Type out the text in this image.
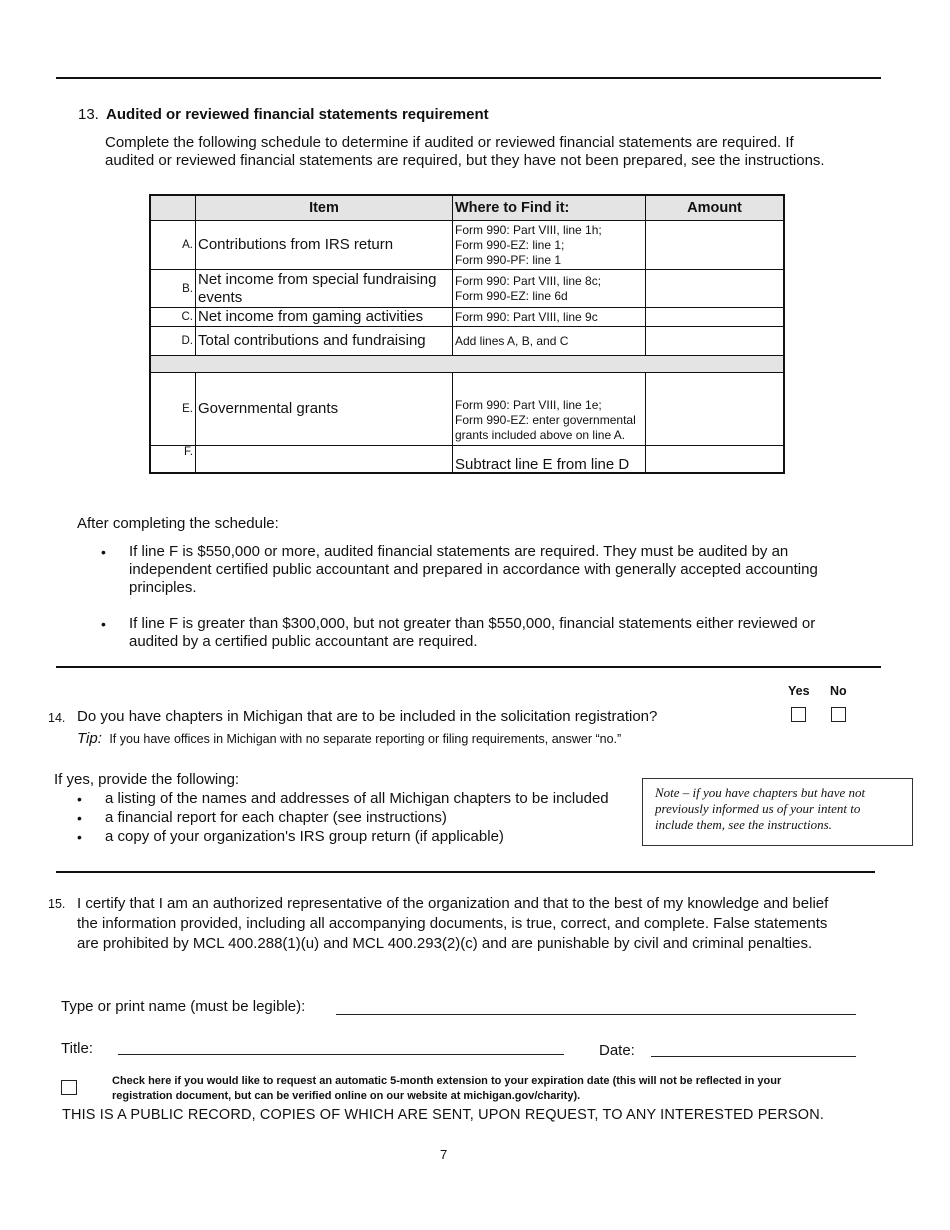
13. Audited or reviewed financial statements requirement
Complete the following schedule to determine if audited or reviewed financial statements are required. If
audited or reviewed financial statements are required, but they have not been prepared, see the instructions.
	Item	Where to Find it:	Amount
A.	Contributions from IRS return	Form 990: Part VIII, line 1h;
Form 990-EZ: line 1;
Form 990-PF: line 1	

B.	Net income from special fundraising events	Form 990: Part VIII, line 8c;
Form 990-EZ: line 6d	

C.	Net income from gaming activities	Form 990: Part VIII, line 9c	

D.	Total contributions and fundraising	Add lines A, B, and C	

E.	Governmental grants	Form 990: Part VIII, line 1e;
Form 990-EZ: enter governmental
grants included above on line A.	

F.		Subtract line E from line D	

After completing the schedule:
• If line F is $550,000 or more, audited financial statements are required. They must be audited by an
independent certified public accountant and prepared in accordance with generally accepted accounting
principles.
• If line F is greater than $300,000, but not greater than $550,000, financial statements either reviewed or
audited by a certified public accountant are required.
Yes No
14. Do you have chapters in Michigan that are to be included in the solicitation registration?
Tip: If you have offices in Michigan with no separate reporting or filing requirements, answer “no.”
If yes, provide the following:
• a listing of the names and addresses of all Michigan chapters to be included
• a financial report for each chapter (see instructions)
• a copy of your organization's IRS group return (if applicable)
Note – if you have chapters but have not
previously informed us of your intent to
include them, see the instructions.
15. I certify that I am an authorized representative of the organization and that to the best of my knowledge and belief
the information provided, including all accompanying documents, is true, correct, and complete. False statements
are prohibited by MCL 400.288(1)(u) and MCL 400.293(2)(c) and are punishable by civil and criminal penalties.
Type or print name (must be legible):
Title:	Date:
Check here if you would like to request an automatic 5-month extension to your expiration date (this will not be reflected in your
registration document, but can be verified online on our website at michigan.gov/charity).
THIS IS A PUBLIC RECORD, COPIES OF WHICH ARE SENT, UPON REQUEST, TO ANY INTERESTED PERSON.
7
